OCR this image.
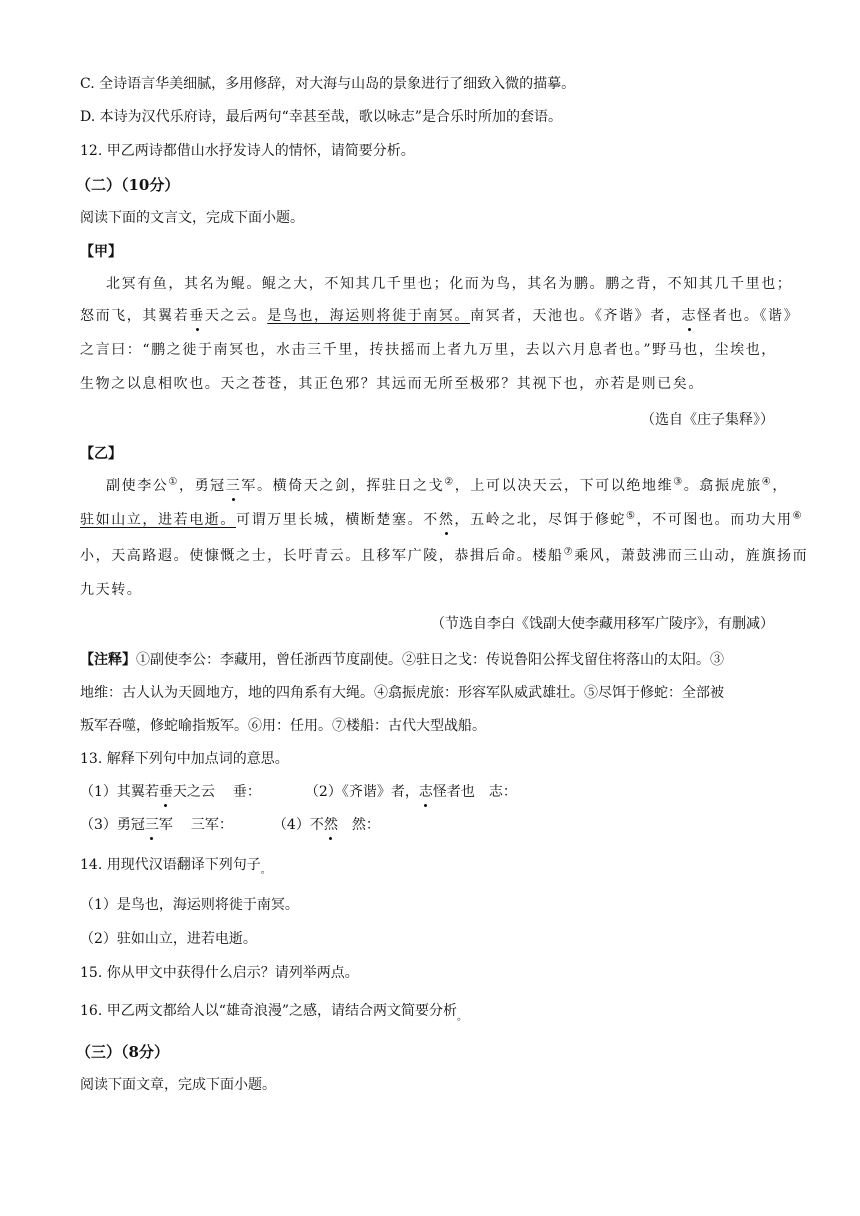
C. 全诗语言华美细腻，多用修辞，对大海与山岛的景象进行了细致入微的描摹。
D. 本诗为汉代乐府诗，最后两句“幸甚至哉，歌以咏志”是合乐时所加的套语。
12. 甲乙两诗都借山水抒发诗人的情怀，请简要分析。
（二）（10分）
阅读下面的文言文，完成下面小题。
【甲】
北冥有鱼，其名为鲲。鲲之大，不知其几千里也；化而为鸟，其名为鹏。鹏之背，不知其几千里也；
怒而飞，其翼若垂天之云。是鸟也，海运则将徙于南冥。南冥者，天池也。《齐谐》者，志怪者也。《谐》
之言曰：“鹏之徙于南冥也，水击三千里，抟扶摇而上者九万里，去以六月息者也。”野马也，尘埃也，
生物之以息相吹也。天之苍苍，其正色邪？其远而无所至极邪？其视下也，亦若是则已矣。
（选自《庄子集释》）
【乙】
副使李公①，勇冠三军。横倚天之剑，挥驻日之戈②，上可以决天云，下可以绝地维③。翕振虎旅④，
驻如山立，进若电逝。可谓万里长城，横断楚塞。不然，五岭之北，尽饵于修蛇⑤，不可图也。而功大用⑥
小，天高路遐。使慷慨之士，长吁青云。且移军广陵，恭揖后命。楼船⑦乘风，萧鼓沸而三山动，旌旗扬而
九天转。
（节选自李白《饯副大使李藏用移军广陵序》，有删减）
【注释】①副使李公：李藏用，曾任浙西节度副使。②驻日之戈：传说鲁阳公挥戈留住将落山的太阳。③
地维：古人认为天圆地方，地的四角系有大绳。④翕振虎旅：形容军队威武雄壮。⑤尽饵于修蛇：全部被
叛军吞噬，修蛇喻指叛军。⑥用：任用。⑦楼船：古代大型战船。
13. 解释下列句中加点词的意思。
（1）其翼若垂天之云 垂：	（2）《齐谐》者，志怪者也 志：
（3）勇冠三军 三军：	（4）不然 然：
14. 用现代汉语翻译下列句子$_。$
（1）是鸟也，海运则将徙于南冥。
（2）驻如山立，进若电逝。
15. 你从甲文中获得什么启示？请列举两点。
16. 甲乙两文都给人以“雄奇浪漫”之感，请结合两文简要分析$_。$
（三）（8分）
阅读下面文章，完成下面小题。
